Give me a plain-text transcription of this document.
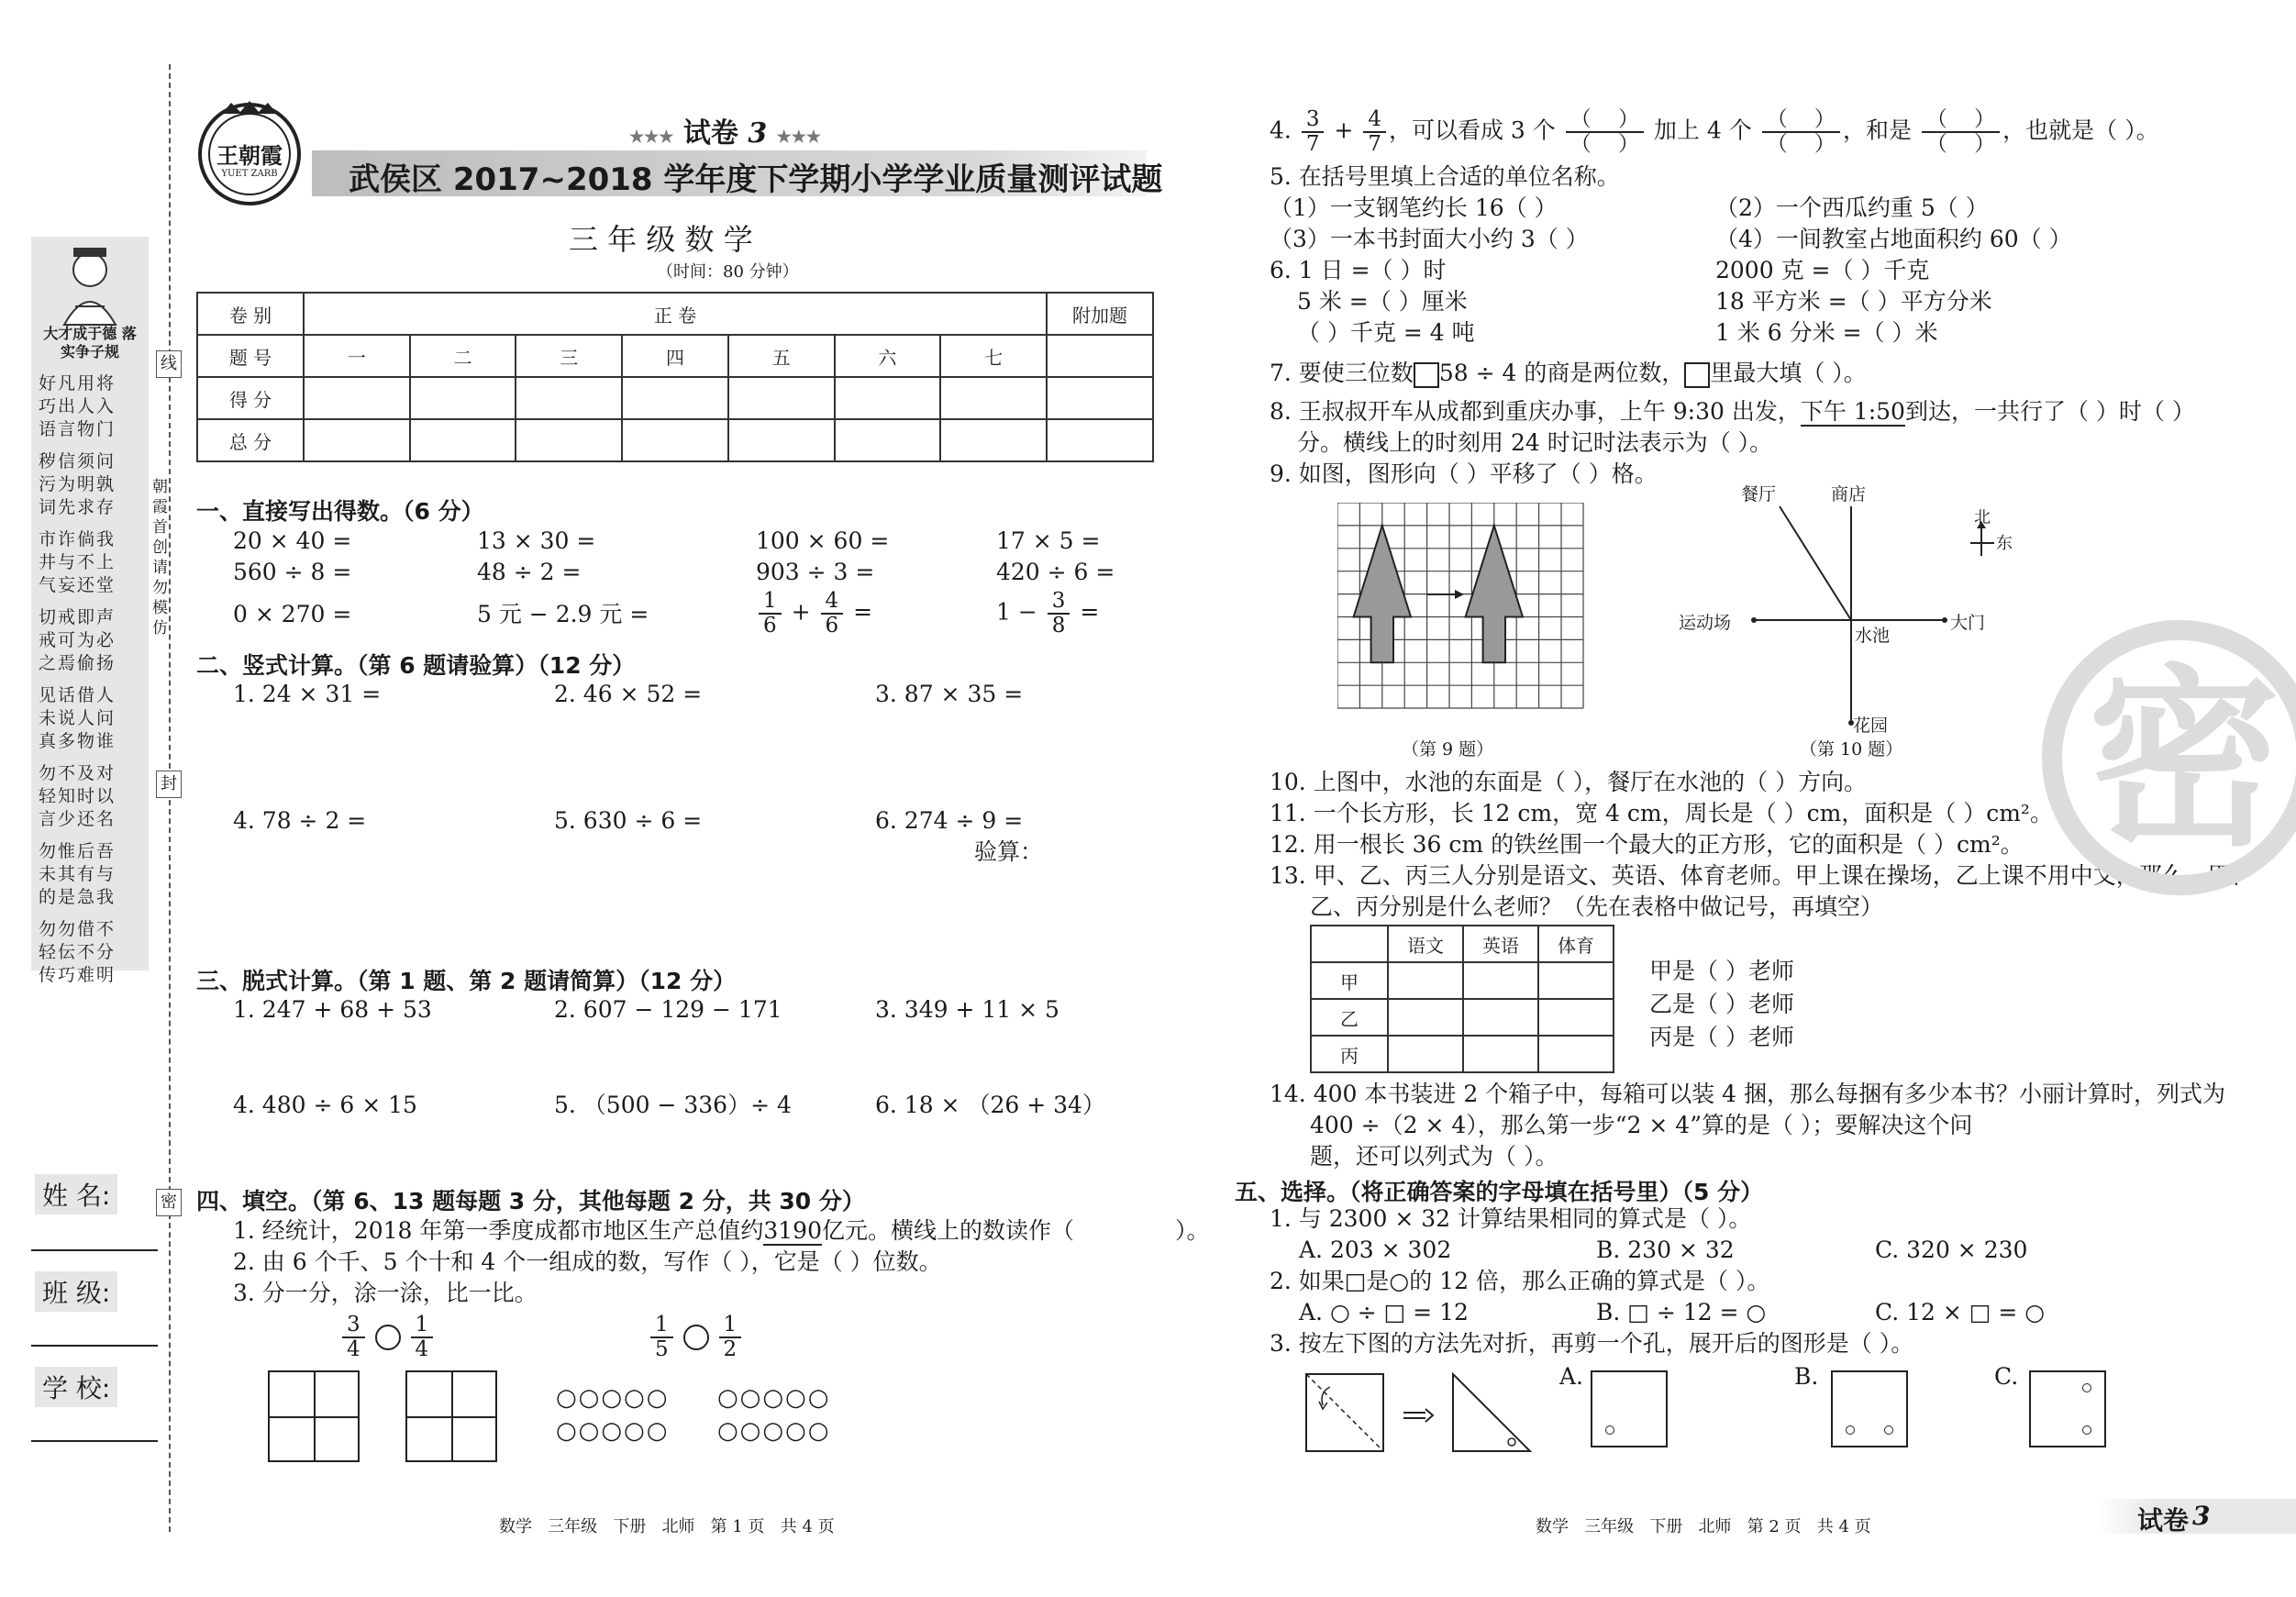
大才成于德 落实争子规
好凡用将
巧出人入
语言物门
秽信须问
污为明孰
词先求存
市诈倘我
井与不上
气妄还堂
切戒即声
戒可为必
之焉偷扬
见话借人
未说人问
真多物谁
勿不及对
轻知时以
言少还名
勿惟后吾
未其有与
的是急我
勿勿借不
轻伝不分
传巧难明
姓 名:
班 级:
学 校:
线
朝霞首创 请勿模仿
封
密
王朝霞
YUET ZARB
★★★ 试卷 3 ★★★
武侯区 2017~2018 学年度下学期小学学业质量测评试题
三 年 级 数 学
（时间：80 分钟）
卷 别	正 卷							附加题
题 号	一	二	三	四	五	六	七	
得 分								
总 分								
一、直接写出得数。（6 分）
20 × 40 =	13 × 30 =	100 × 60 =	17 × 5 =
560 ÷ 8 =	48 ÷ 2 =	903 ÷ 3 =	420 ÷ 6 =
0 × 270 =	5 元 − 2.9 元 =	$\frac{1}{6} + \frac{4}{6}$ =	$1 - \frac{3}{8}$ =
二、竖式计算。（第 6 题请验算）（12 分）
1. 24 × 31 =	2. 46 × 52 =	3. 87 × 35 =
4. 78 ÷ 2 =	5. 630 ÷ 6 =	6. 274 ÷ 9 =
验算：
三、脱式计算。（第 1 题、第 2 题请简算）（12 分）
1. 247 + 68 + 53	2. 607 − 129 − 171	3. 349 + 11 × 5
4. 480 ÷ 6 × 15	5. （500 − 336）÷ 4	6. 18 × （26 + 34）
四、填空。（第 6、13 题每题 3 分，其他每题 2 分，共 30 分）
1. 经统计，2018 年第一季度成都市地区生产总值约3190亿元。横线上的数读作（	）。
2. 由 6 个千、5 个十和 4 个一组成的数，写作（ ），它是（ ）位数。
3. 分一分，涂一涂，比一比。
$\frac{3}{4}$
$\frac{1}{4}$	$\frac{1}{5}$
$\frac{1}{2}$
○○○○○
○○○○○
○○○○○
○○○○○
4. $\frac{3}{7} + \frac{4}{7}$ ，可以看成 3 个 $\frac{( )}{( )}$ 加上 4 个 $\frac{( )}{( )}$ ，和是 $\frac{( )}{( )}$ ，也就是（ ）。
5. 在括号里填上合适的单位名称。
（1）一支钢笔约长 16（ ）	（2）一个西瓜约重 5（ ）
（3）一本书封面大小约 3（ ）	（4）一间教室占地面积约 60（ ）
6. 1 日 =（ ）时	2000 克 =（ ）千克
5 米 =（ ）厘米	18 平方米 =（ ）平方分米
（ ）千克 = 4 吨	1 米 6 分米 =（ ）米
7. 要使三位数 58 ÷ 4 的商是两位数， 里最大填（ ）。
8. 王叔叔开车从成都到重庆办事，上午 9:30 出发，下午 1:50到达，一共行了（ ）时（ ）
分。横线上的时刻用 24 时记时法表示为（ ）。
9. 如图，图形向（ ）平移了（ ）格。
（第 9 题）
餐厅	商店
运动场
水池
大门
花园
北
东
（第 10 题）
10. 上图中，水池的东面是（ ），餐厅在水池的（ ）方向。
11. 一个长方形，长 12 cm，宽 4 cm，周长是（ ）cm，面积是（ ）cm²。
12. 用一根长 36 cm 的铁丝围一个最大的正方形，它的面积是（ ）cm²。
13. 甲、乙、丙三人分别是语文、英语、体育老师。甲上课在操场，乙上课不用中文，那么，甲、
乙、丙分别是什么老师？（先在表格中做记号，再填空）
	语文	英语	体育
甲			
乙			
丙			
甲是（ ）老师
乙是（ ）老师
丙是（ ）老师
14. 400 本书装进 2 个箱子中，每箱可以装 4 捆，那么每捆有多少本书？小丽计算时，列式为
400 ÷（2 × 4），那么第一步“2 × 4”算的是（ ）；要解决这个问
题，还可以列式为（ ）。
五、选择。（将正确答案的字母填在括号里）（5 分）
1. 与 2300 × 32 计算结果相同的算式是（ ）。
A. 203 × 302	B. 230 × 32	C. 320 × 230
2. 如果□是○的 12 倍，那么正确的算式是（ ）。
A. ○ ÷ □ = 12	B. □ ÷ 12 = ○	C. 12 × □ = ○
3. 按左下图的方法先对折，再剪一个孔，展开后的图形是（ ）。
A.	B.	C.
密
数学   三年级   下册   北师   第 1 页   共 4 页	数学   三年级   下册   北师   第 2 页   共 4 页	试卷 3
